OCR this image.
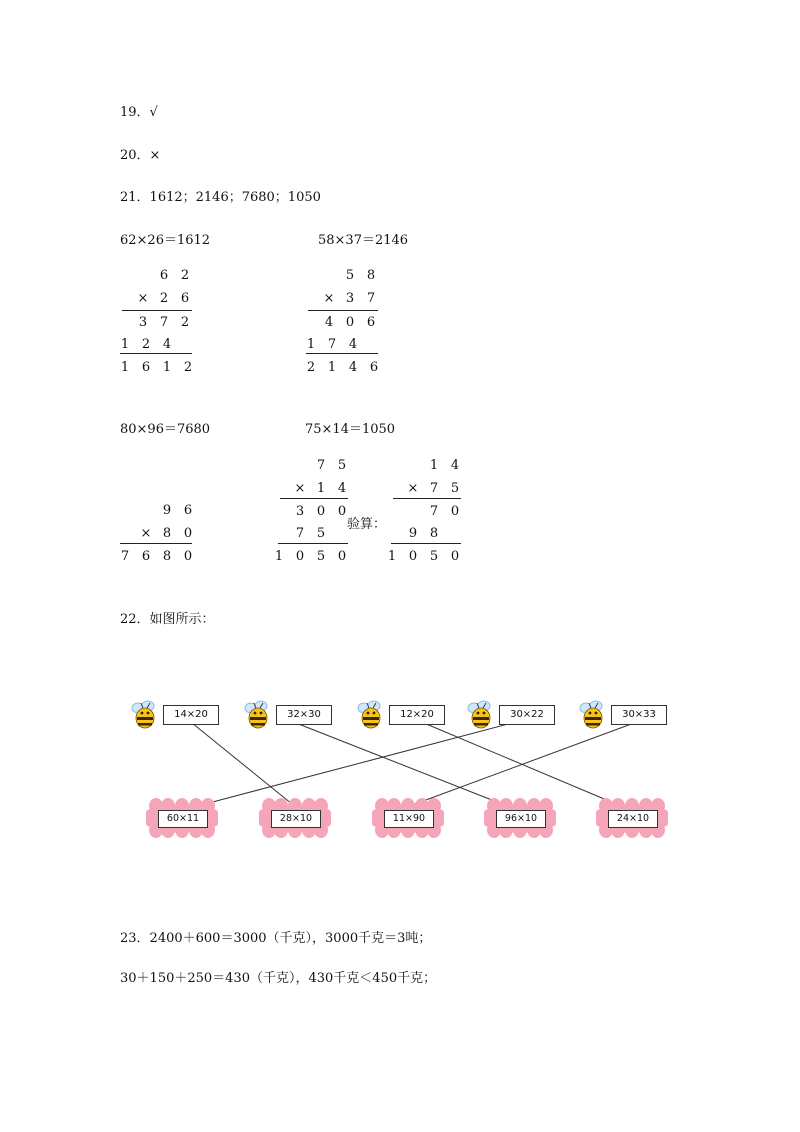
19．√
20．×
21．1612；2146；7680；1050
62×26＝1612	58×37＝2146
6 2
× 2 6
3 7 2
1 2 4
1 6 1 2
5 8
× 3 7
4 0 6
1 7 4
2 1 4 6
80×96＝7680	75×14＝1050
9 6
× 8 0
7 6 8 0
7 5
× 1 4
3 0 0
7 5
1 0 5 0
验算：
1 4
× 7 5
7 0
9 8
1 0 5 0
22．如图所示：
14×20	32×30	12×20	30×22	30×33
60×11	28×10	11×90	96×10	24×10
23．2400＋600＝3000（千克），3000千克＝3吨；
30＋150＋250＝430（千克），430千克＜450千克；
